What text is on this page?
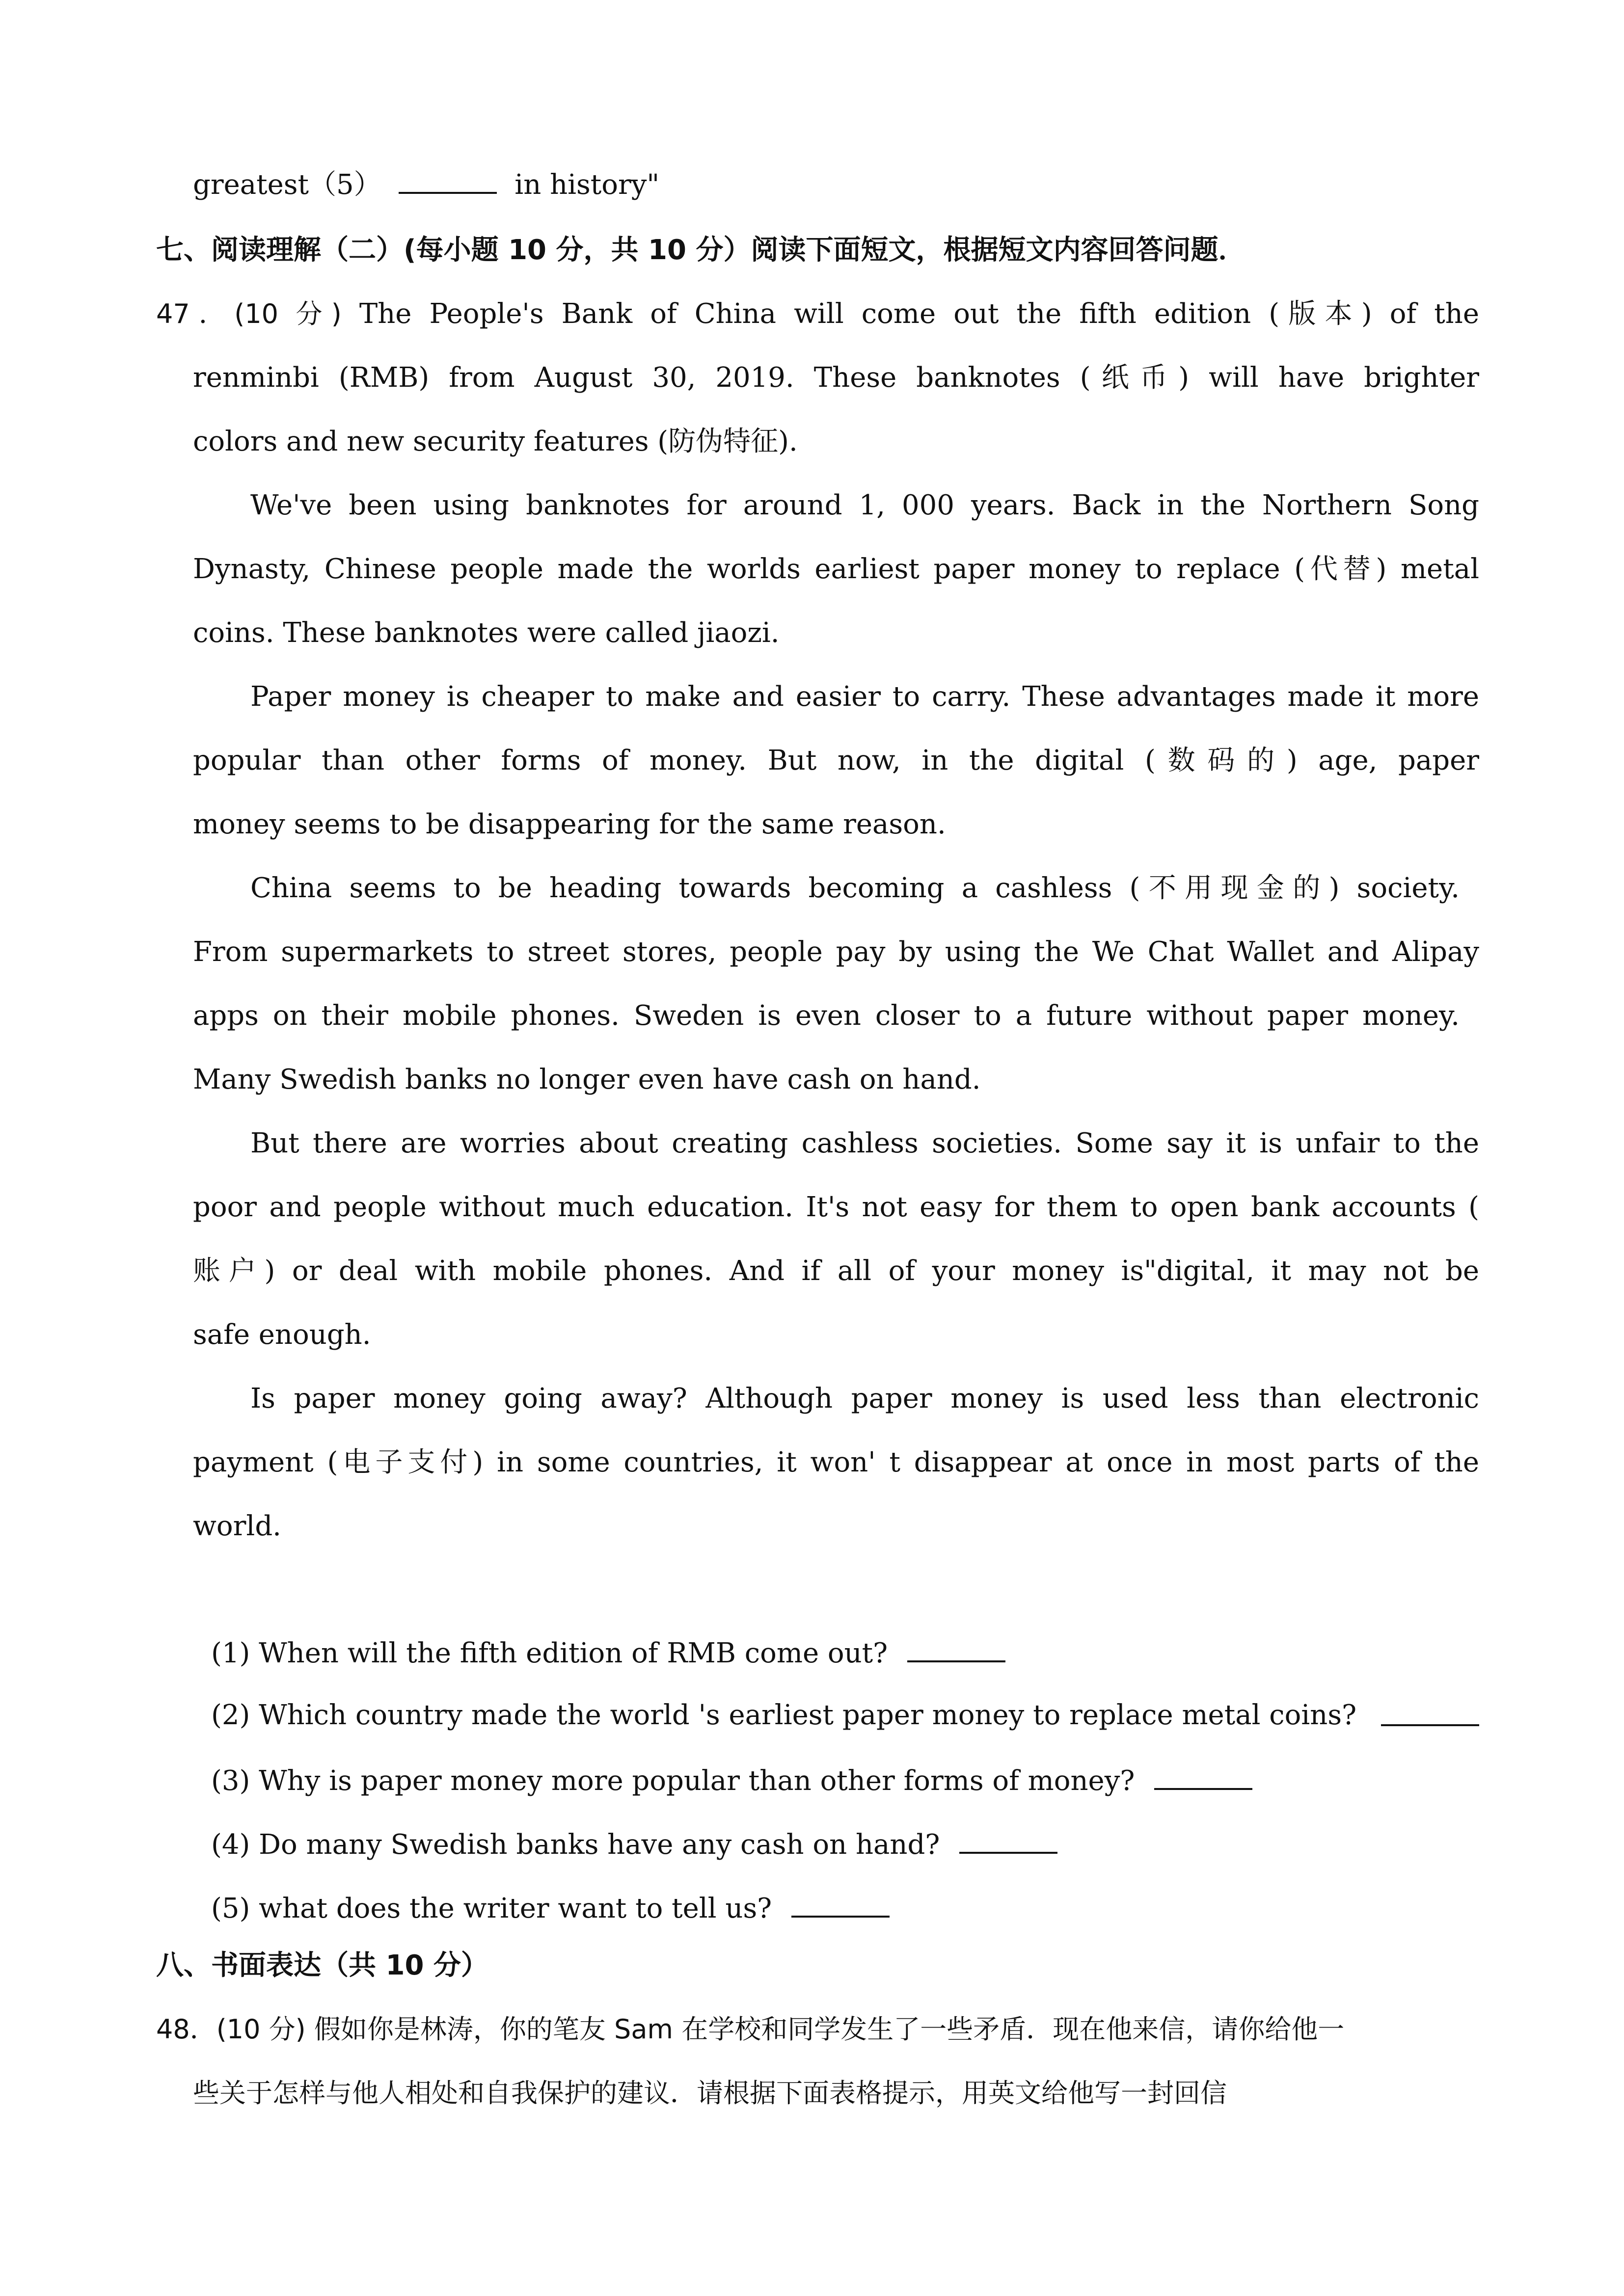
greatest（5）	in history"
七、阅读理解（二）(每小题 10 分，共 10 分）阅读下面短文，根据短文内容回答问题．
47．(10 分) The People's Bank of China will come out the fifth edition (版本) of the
renminbi (RMB) from August 30, 2019. These banknotes (纸币) will have brighter
colors and new security features (防伪特征).
We've been using banknotes for around 1, 000 years. Back in the Northern Song
Dynasty, Chinese people made the worlds earliest paper money to replace (代替) metal
coins. These banknotes were called jiaozi.
Paper money is cheaper to make and easier to carry. These advantages made it more
popular than other forms of money. But now, in the digital (数码的) age, paper
money seems to be disappearing for the same reason.
China seems to be heading towards becoming a cashless (不用现金的) society.
From supermarkets to street stores, people pay by using the We Chat Wallet and Alipay
apps on their mobile phones. Sweden is even closer to a future without paper money.
Many Swedish banks no longer even have cash on hand.
But there are worries about creating cashless societies. Some say it is unfair to the
poor and people without much education. It's not easy for them to open bank accounts (
账户) or deal with mobile phones. And if all of your money is"digital, it may not be
safe enough.
Is paper money going away? Although paper money is used less than electronic
payment (电子支付) in some countries, it won' t disappear at once in most parts of the
world.
(1) When will the fifth edition of RMB come out?
(2) Which country made the world 's earliest paper money to replace metal coins?
(3) Why is paper money more popular than other forms of money?
(4) Do many Swedish banks have any cash on hand?
(5) what does the writer want to tell us?
八、书面表达（共 10 分）
48．(10 分) 假如你是林涛，你的笔友 Sam 在学校和同学发生了一些矛盾．现在他来信，请你给他一
些关于怎样与他人相处和自我保护的建议．请根据下面表格提示，用英文给他写一封回信
